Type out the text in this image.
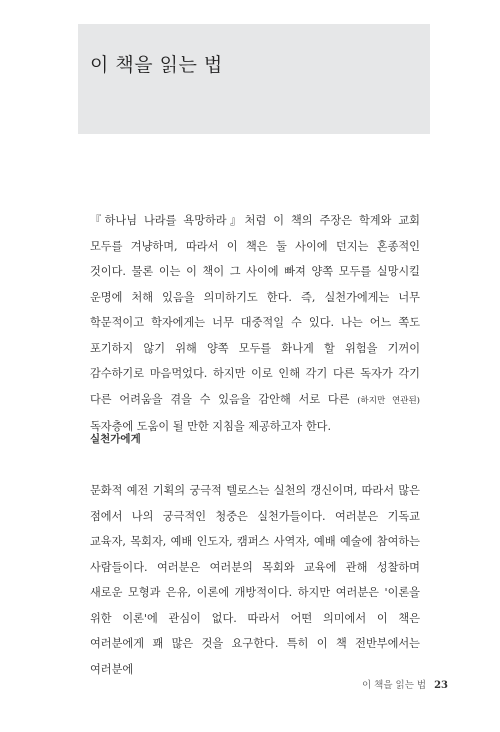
이 책을 읽는 법

『하나님 나라를 욕망하라』처럼 이 책의 주장은 학계와 교회 모두를 겨냥하며, 따라서 이 책은 둘 사이에 던지는 혼종적인 것이다. 물론 이는 이 책이 그 사이에 빠져 양쪽 모두를 실망시킬 운명에 처해 있음을 의미하기도 한다. 즉, 실천가에게는 너무 학문적이고 학자에게는 너무 대중적일 수 있다. 나는 어느 쪽도 포기하지 않기 위해 양쪽 모두를 화나게 할 위험을 기꺼이 감수하기로 마음먹었다. 하지만 이로 인해 각기 다른 독자가 각기 다른 어려움을 겪을 수 있음을 감안해 서로 다른 (하지만 연관된) 독자층에 도움이 될 만한 지침을 제공하고자 한다.

실천가에게

문화적 예전 기획의 궁극적 텔로스는 실천의 갱신이며, 따라서 많은 점에서 나의 궁극적인 청중은 실천가들이다. 여러분은 기독교 교육자, 목회자, 예배 인도자, 캠퍼스 사역자, 예배 예술에 참여하는 사람들이다. 여러분은 여러분의 목회와 교육에 관해 성찰하며 새로운 모형과 은유, 이론에 개방적이다. 하지만 여러분은 '이론을 위한 이론'에 관심이 없다. 따라서 어떤 의미에서 이 책은 여러분에게 꽤 많은 것을 요구한다. 특히 이 책 전반부에서는 여러분에

이 책을 읽는 법 23
